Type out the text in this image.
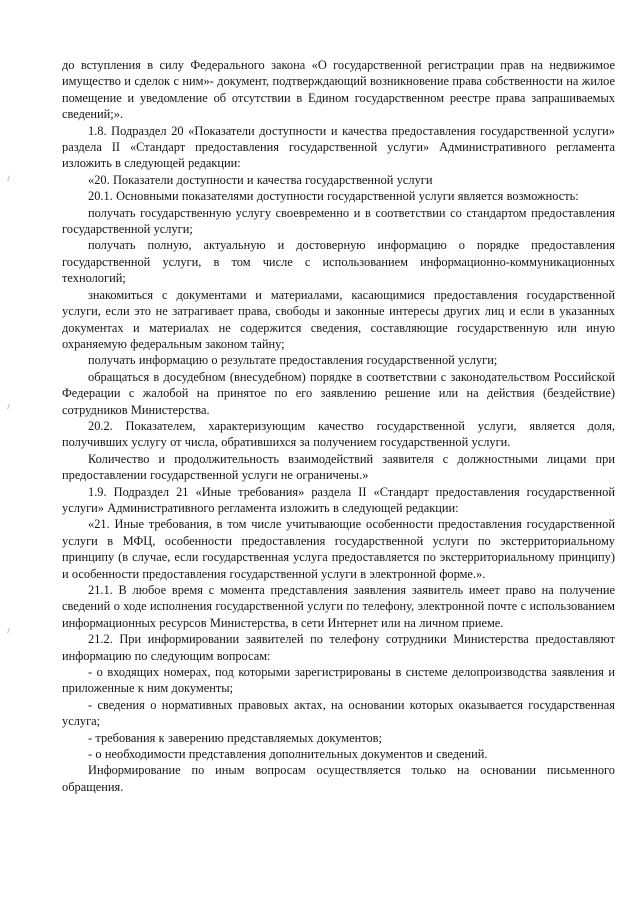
до вступления в силу Федерального закона «О государственной регистрации прав на недвижимое имущество и сделок с ним»- документ, подтверждающий возникновение права собственности на жилое помещение и уведомление об отсутствии в Едином государственном реестре права запрашиваемых сведений;».

1.8. Подраздел 20 «Показатели доступности и качества предоставления государственной услуги» раздела II «Стандарт предоставления государственной услуги» Административного регламента изложить в следующей редакции:

«20. Показатели доступности и качества государственной услуги

20.1. Основными показателями доступности государственной услуги является возможность:

получать государственную услугу своевременно и в соответствии со стандартом предоставления государственной услуги;

получать полную, актуальную и достоверную информацию о порядке предоставления государственной услуги, в том числе с использованием информационно-коммуникационных технологий;

знакомиться с документами и материалами, касающимися предоставления государственной услуги, если это не затрагивает права, свободы и законные интересы других лиц и если в указанных документах и материалах не содержится сведения, составляющие государственную или иную охраняемую федеральным законом тайну;

получать информацию о результате предоставления государственной услуги;

обращаться в досудебном (внесудебном) порядке в соответствии с законодательством Российской Федерации с жалобой на принятое по его заявлению решение или на действия (бездействие) сотрудников Министерства.

20.2. Показателем, характеризующим качество государственной услуги, является доля, получивших услугу от числа, обратившихся за получением государственной услуги.

Количество и продолжительность взаимодействий заявителя с должностными лицами при предоставлении государственной услуги не ограничены.»

1.9. Подраздел 21 «Иные требования» раздела II «Стандарт предоставления государственной услуги» Административного регламента изложить в следующей редакции:

«21. Иные требования, в том числе учитывающие особенности предоставления государственной услуги в МФЦ, особенности предоставления государственной услуги по экстерриториальному принципу (в случае, если государственная услуга предоставляется по экстерриториальному принципу) и особенности предоставления государственной услуги в электронной форме.».

21.1. В любое время с момента представления заявления заявитель имеет право на получение сведений о ходе исполнения государственной услуги по телефону, электронной почте с использованием информационных ресурсов Министерства, в сети Интернет или на личном приеме.

21.2. При информировании заявителей по телефону сотрудники Министерства предоставляют информацию по следующим вопросам:

- о входящих номерах, под которыми зарегистрированы в системе делопроизводства заявления и приложенные к ним документы;

- сведения о нормативных правовых актах, на основании которых оказывается государственная услуга;

- требования к заверению представляемых документов;

- о необходимости представления дополнительных документов и сведений.

Информирование по иным вопросам осуществляется только на основании письменного обращения.
